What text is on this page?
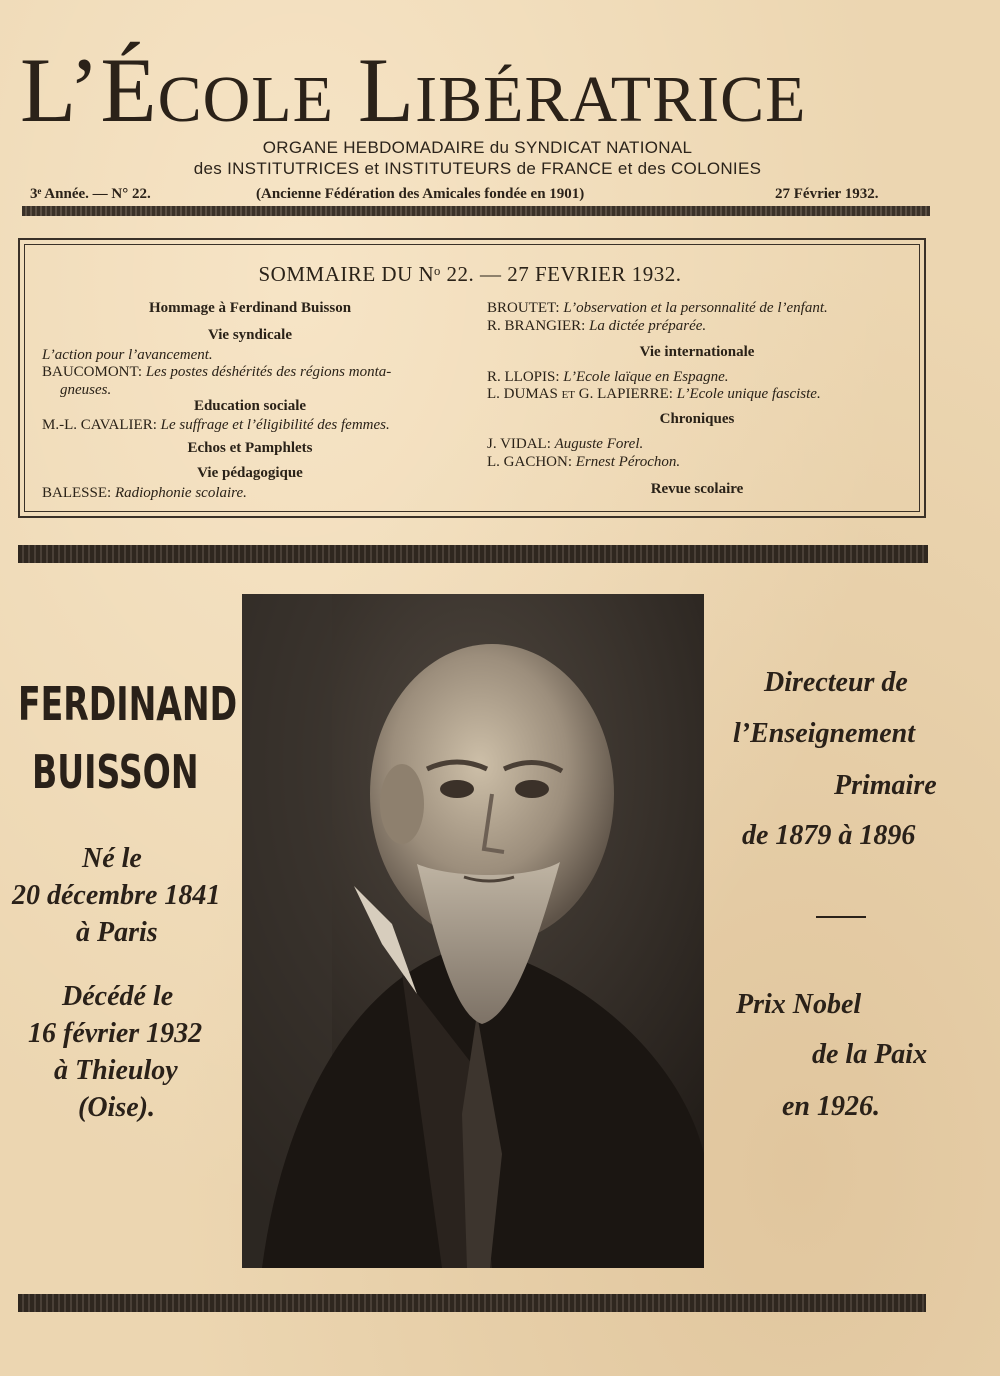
L’ÉCOLE LIBÉRATRICE
ORGANE HEBDOMADAIRE du SYNDICAT NATIONAL
des INSTITUTRICES et INSTITUTEURS de FRANCE et des COLONIES
3ᵉ Année. — N° 22.	(Ancienne Fédération des Amicales fondée en 1901)	27 Février 1932.
SOMMAIRE DU Nᵒ 22. — 27 FEVRIER 1932.
Hommage à Ferdinand Buisson
Vie syndicale
L’action pour l’avancement.
BAUCOMONT: Les postes déshérités des régions monta-
gneuses.
Education sociale
M.-L. CAVALIER: Le suffrage et l’éligibilité des femmes.
Echos et Pamphlets
Vie pédagogique
BALESSE: Radiophonie scolaire.
BROUTET: L’observation et la personnalité de l’enfant.
R. BRANGIER: La dictée préparée.
Vie internationale
R. LLOPIS: L’Ecole laïque en Espagne.
L. DUMAS et G. LAPIERRE: L’Ecole unique fasciste.
Chroniques
J. VIDAL: Auguste Forel.
L. GACHON: Ernest Pérochon.
Revue scolaire
FERDINAND
BUISSON
Né le
20 décembre 1841
à Paris
Décédé le
16 février 1932
à Thieuloy
(Oise).
Directeur de
l’Enseignement
Primaire
de 1879 à 1896
Prix Nobel
de la Paix
en 1926.
